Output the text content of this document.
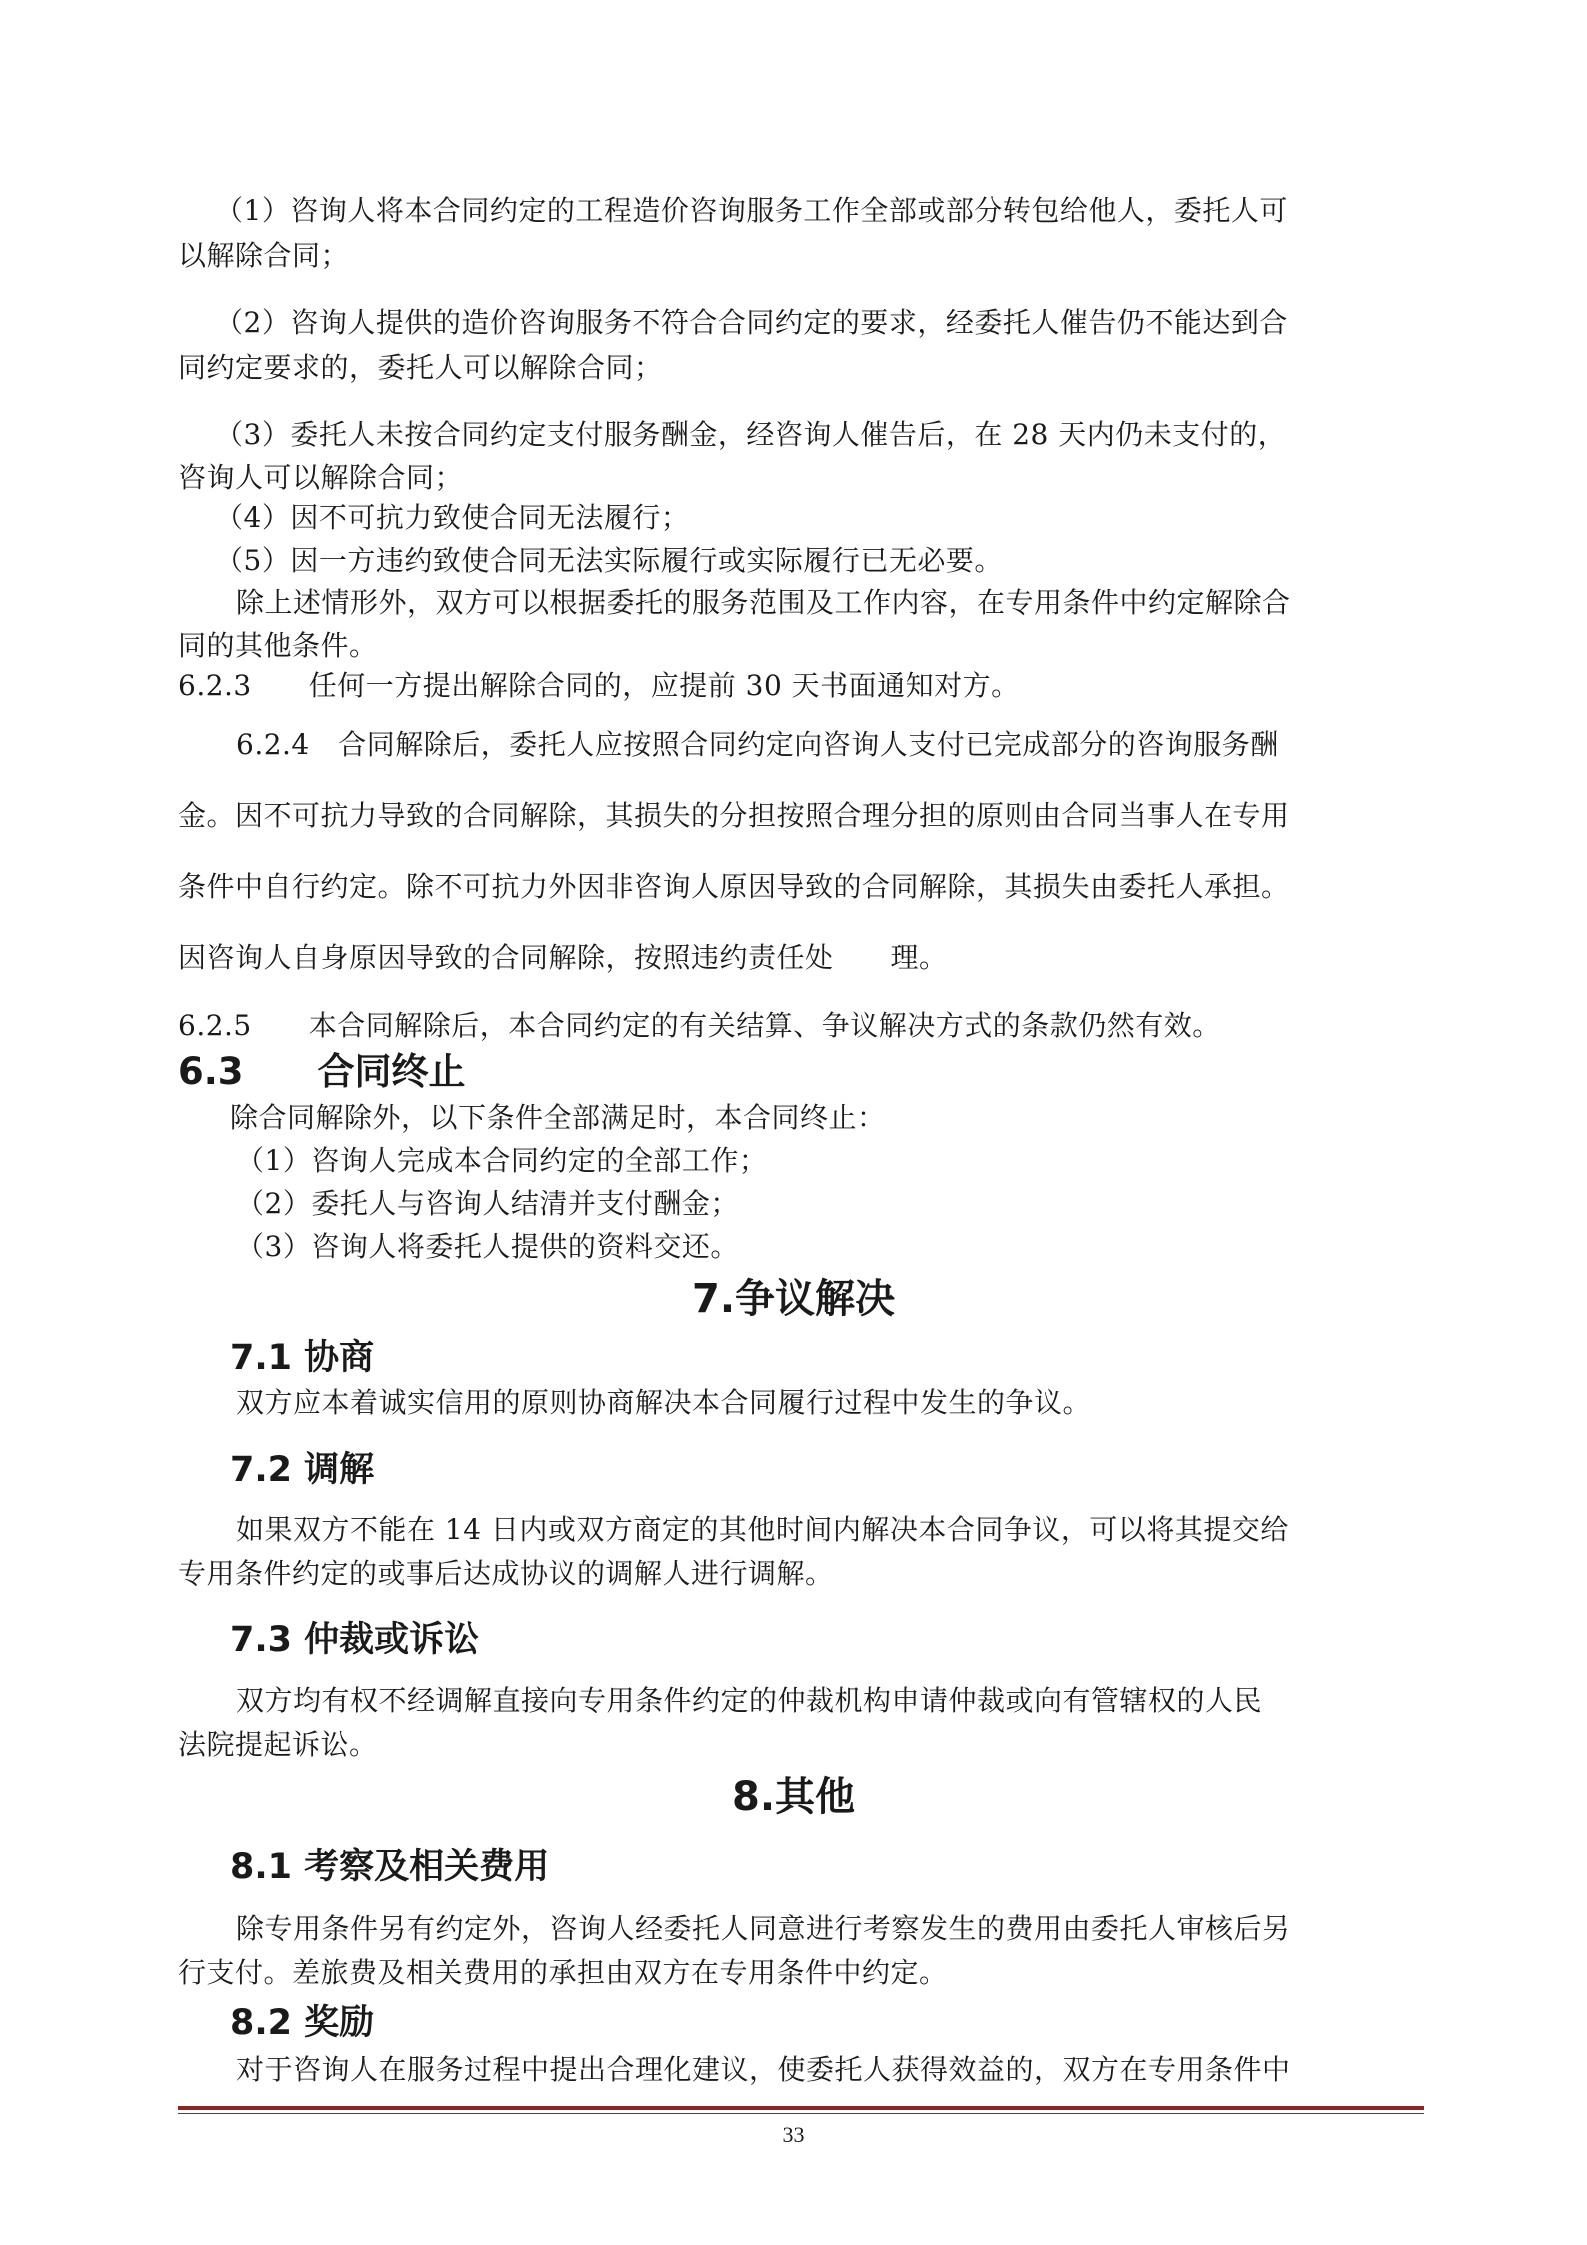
（1）咨询人将本合同约定的工程造价咨询服务工作全部或部分转包给他人，委托人可

以解除合同；

（2）咨询人提供的造价咨询服务不符合合同约定的要求，经委托人催告仍不能达到合

同约定要求的，委托人可以解除合同；

（3）委托人未按合同约定支付服务酬金，经咨询人催告后，在 28 天内仍未支付的，

咨询人可以解除合同；

（4）因不可抗力致使合同无法履行；

（5）因一方违约致使合同无法实际履行或实际履行已无必要。

除上述情形外，双方可以根据委托的服务范围及工作内容，在专用条件中约定解除合

同的其他条件。

6.2.3　　任何一方提出解除合同的，应提前 30 天书面通知对方。

6.2.4　合同解除后，委托人应按照合同约定向咨询人支付已完成部分的咨询服务酬

金。因不可抗力导致的合同解除，其损失的分担按照合理分担的原则由合同当事人在专用

条件中自行约定。除不可抗力外因非咨询人原因导致的合同解除，其损失由委托人承担。

因咨询人自身原因导致的合同解除，按照违约责任处　　理。

6.2.5　　本合同解除后，本合同约定的有关结算、争议解决方式的条款仍然有效。

6.3　　合同终止

除合同解除外，以下条件全部满足时，本合同终止：

（1）咨询人完成本合同约定的全部工作；

（2）委托人与咨询人结清并支付酬金；

（3）咨询人将委托人提供的资料交还。

7.争议解决
7.1 协商

双方应本着诚实信用的原则协商解决本合同履行过程中发生的争议。

7.2 调解

如果双方不能在 14 日内或双方商定的其他时间内解决本合同争议，可以将其提交给

专用条件约定的或事后达成协议的调解人进行调解。

7.3 仲裁或诉讼

双方均有权不经调解直接向专用条件约定的仲裁机构申请仲裁或向有管辖权的人民

法院提起诉讼。

8.其他
8.1 考察及相关费用

除专用条件另有约定外，咨询人经委托人同意进行考察发生的费用由委托人审核后另

行支付。差旅费及相关费用的承担由双方在专用条件中约定。

8.2 奖励

对于咨询人在服务过程中提出合理化建议，使委托人获得效益的，双方在专用条件中

33
